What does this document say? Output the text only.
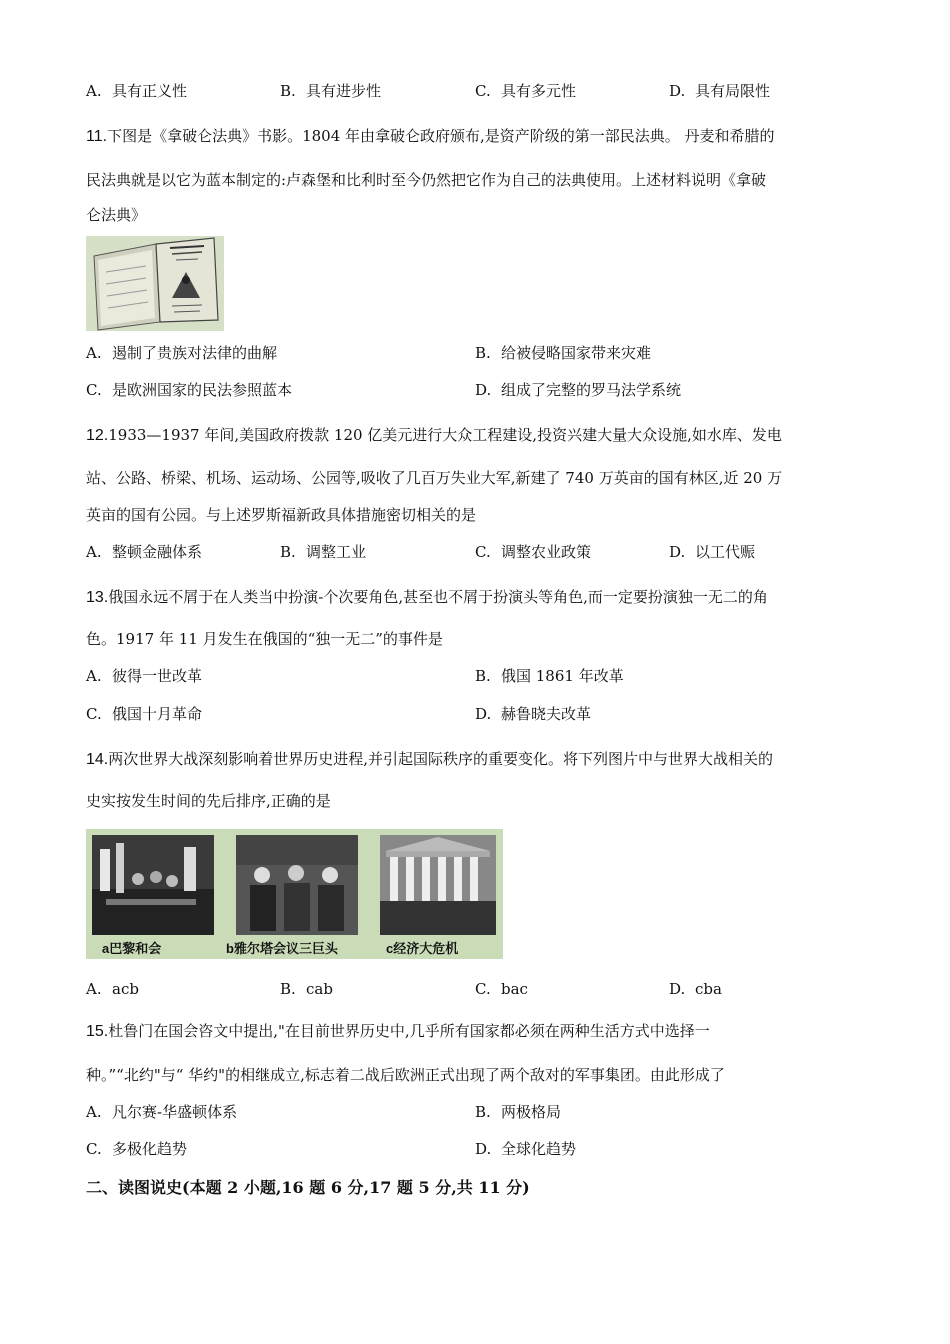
A. 具有正义性	B. 具有进步性	C. 具有多元性	D. 具有局限性
11.下图是《拿破仑法典》书影。1804 年由拿破仑政府颁布,是资产阶级的第一部民法典。 丹麦和希腊的
民法典就是以它为蓝本制定的:卢森堡和比利时至今仍然把它作为自己的法典使用。上述材料说明《拿破
仑法典》
A. 遏制了贵族对法律的曲解	B. 给被侵略国家带来灾难
C. 是欧洲国家的民法参照蓝本	D. 组成了完整的罗马法学系统
12.1933—1937 年间,美国政府拨款 120 亿美元进行大众工程建设,投资兴建大量大众设施,如水库、发电
站、公路、桥梁、机场、运动场、公园等,吸收了几百万失业大军,新建了 740 万英亩的国有林区,近 20 万
英亩的国有公园。与上述罗斯福新政具体措施密切相关的是
A. 整顿金融体系	B. 调整工业	C. 调整农业政策	D. 以工代赈
13.俄国永远不屑于在人类当中扮演-个次要角色,甚至也不屑于扮演头等角色,而一定要扮演独一无二的角
色。1917 年 11 月发生在俄国的“独一无二”的事件是
A. 彼得一世改革	B. 俄国 1861 年改革
C. 俄国十月革命	D. 赫鲁晓夫改革
14.两次世界大战深刻影响着世界历史进程,并引起国际秩序的重要变化。将下列图片中与世界大战相关的
史实按发生时间的先后排序,正确的是
a巴黎和会	b雅尔塔会议三巨头	c经济大危机
A. acb	B. cab	C. bac	D. cba
15.杜鲁门在国会咨文中提出,"在目前世界历史中,几乎所有国家都必须在两种生活方式中选择一
种。”“北约"与“ 华约"的相继成立,标志着二战后欧洲正式出现了两个敌对的军事集团。由此形成了
A. 凡尔赛-华盛顿体系	B. 两极格局
C. 多极化趋势	D. 全球化趋势
二、读图说史(本题 2 小题,16 题 6 分,17 题 5 分,共 11 分)
